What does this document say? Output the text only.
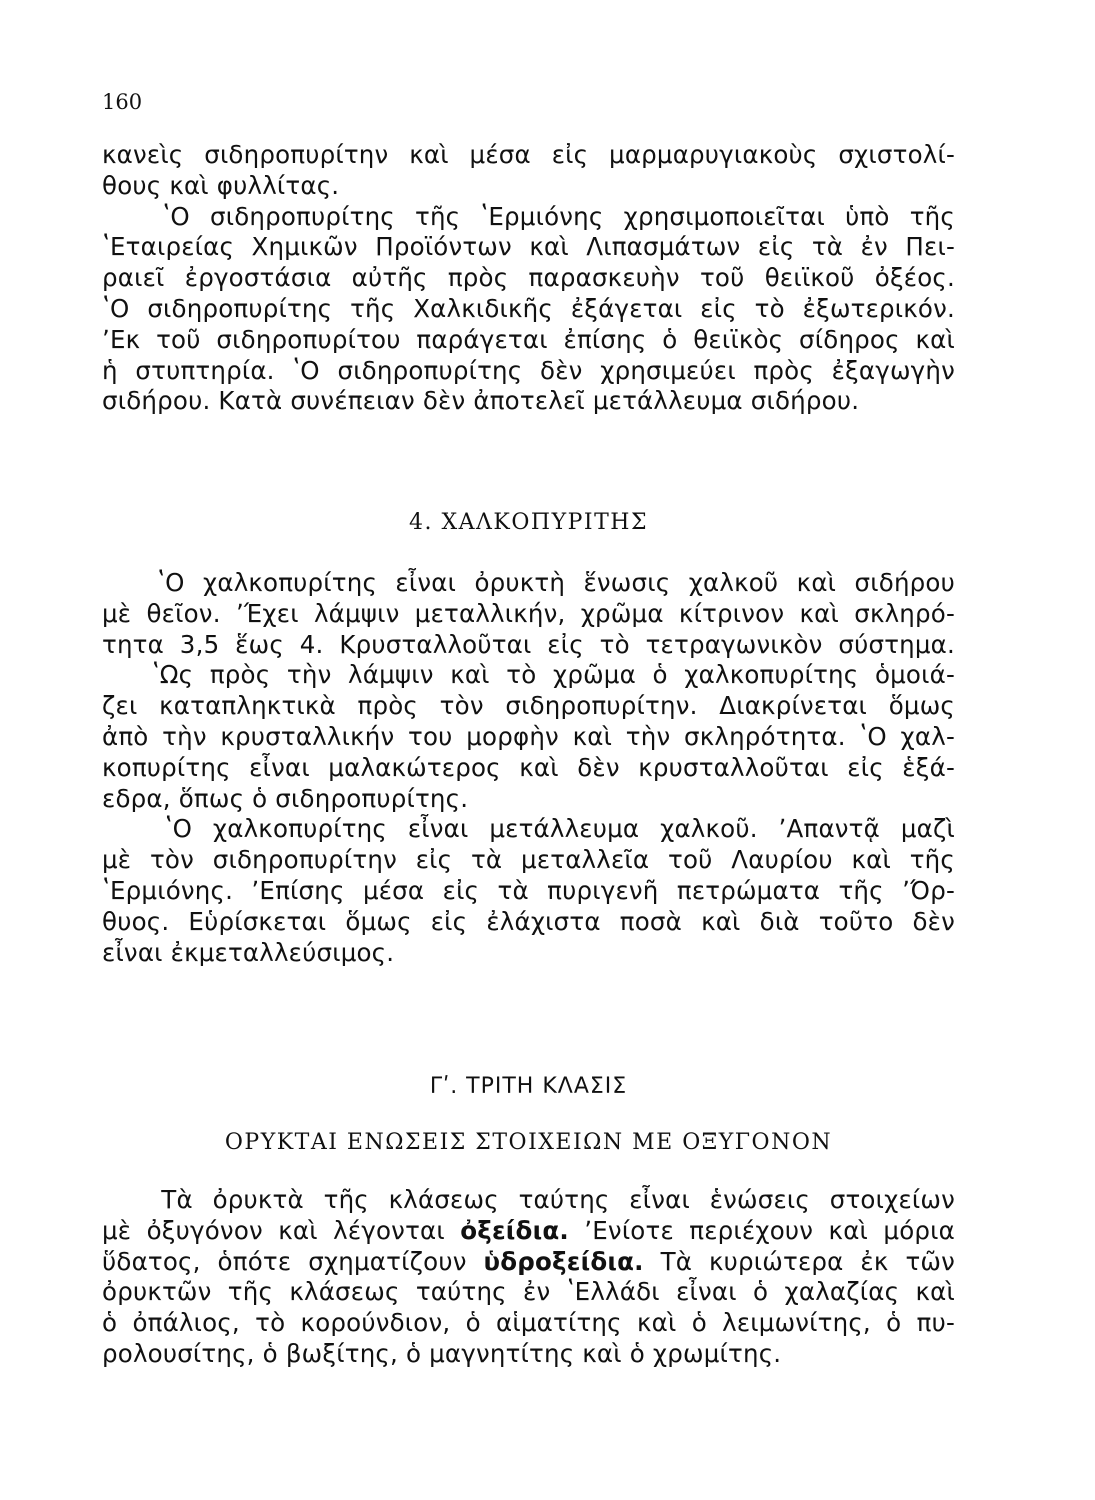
160
κανεὶς σιδηροπυρίτην καὶ μέσα εἰς μαρμαρυγιακοὺς σχιστολί-
θους καὶ φυλλίτας.
ʽΟ σιδηροπυρίτης τῆς ʽΕρμιόνης χρησιμοποιεῖται ὑπὸ τῆς
ʽΕταιρείας Χημικῶν Προϊόντων καὶ Λιπασμάτων εἰς τὰ ἐν Πει-
ραιεῖ ἐργοστάσια αὐτῆς πρὸς παρασκευὴν τοῦ θειϊκοῦ ὀξέος.
ʽΟ σιδηροπυρίτης τῆς Χαλκιδικῆς ἐξάγεται εἰς τὸ ἐξωτερικόν.
ʼΕκ τοῦ σιδηροπυρίτου παράγεται ἐπίσης ὁ θειϊκὸς σίδηρος καὶ
ἡ στυπτηρία. ʽΟ σιδηροπυρίτης δὲν χρησιμεύει πρὸς ἐξαγωγὴν
σιδήρου. Κατὰ συνέπειαν δὲν ἀποτελεῖ μετάλλευμα σιδήρου.
4. ΧΑΛΚΟΠΥΡΙΤΗΣ
ʽΟ χαλκοπυρίτης εἶναι ὀρυκτὴ ἕνωσις χαλκοῦ καὶ σιδήρου
μὲ θεῖον. ʼΈχει λάμψιν μεταλλικήν, χρῶμα κίτρινον καὶ σκληρό-
τητα 3,5 ἕως 4. Κρυσταλλοῦται εἰς τὸ τετραγωνικὸν σύστημα.
ʽΩς πρὸς τὴν λάμψιν καὶ τὸ χρῶμα ὁ χαλκοπυρίτης ὁμοιά-
ζει καταπληκτικὰ πρὸς τὸν σιδηροπυρίτην. Διακρίνεται ὅμως
ἀπὸ τὴν κρυσταλλικήν του μορφὴν καὶ τὴν σκληρότητα. ʽΟ χαλ-
κοπυρίτης εἶναι μαλακώτερος καὶ δὲν κρυσταλλοῦται εἰς ἑξά-
εδρα, ὅπως ὁ σιδηροπυρίτης.
ʽΟ χαλκοπυρίτης εἶναι μετάλλευμα χαλκοῦ. ʼΑπαντᾷ μαζὶ
μὲ τὸν σιδηροπυρίτην εἰς τὰ μεταλλεῖα τοῦ Λαυρίου καὶ τῆς
ʽΕρμιόνης. ʼΕπίσης μέσα εἰς τὰ πυριγενῆ πετρώματα τῆς ʼΌρ-
θυος. Εὑρίσκεται ὅμως εἰς ἐλάχιστα ποσὰ καὶ διὰ τοῦτο δὲν
εἶναι ἐκμεταλλεύσιμος.
Γʹ. ΤΡΙΤΗ ΚΛΑΣΙΣ
ΟΡΥΚΤΑΙ ΕΝΩΣΕΙΣ ΣΤΟΙΧΕΙΩΝ ΜΕ ΟΞΥΓΟΝΟΝ
Τὰ ὀρυκτὰ τῆς κλάσεως ταύτης εἶναι ἑνώσεις στοιχείων
μὲ ὀξυγόνον καὶ λέγονται ὀξείδια. ʼΕνίοτε περιέχουν καὶ μόρια
ὕδατος, ὁπότε σχηματίζουν ὑδροξείδια. Τὰ κυριώτερα ἐκ τῶν
ὀρυκτῶν τῆς κλάσεως ταύτης ἐν ʽΕλλάδι εἶναι ὁ χαλαζίας καὶ
ὁ ὀπάλιος, τὸ κορούνδιον, ὁ αἱματίτης καὶ ὁ λειμωνίτης, ὁ πυ-
ρολουσίτης, ὁ βωξίτης, ὁ μαγνητίτης καὶ ὁ χρωμίτης.
